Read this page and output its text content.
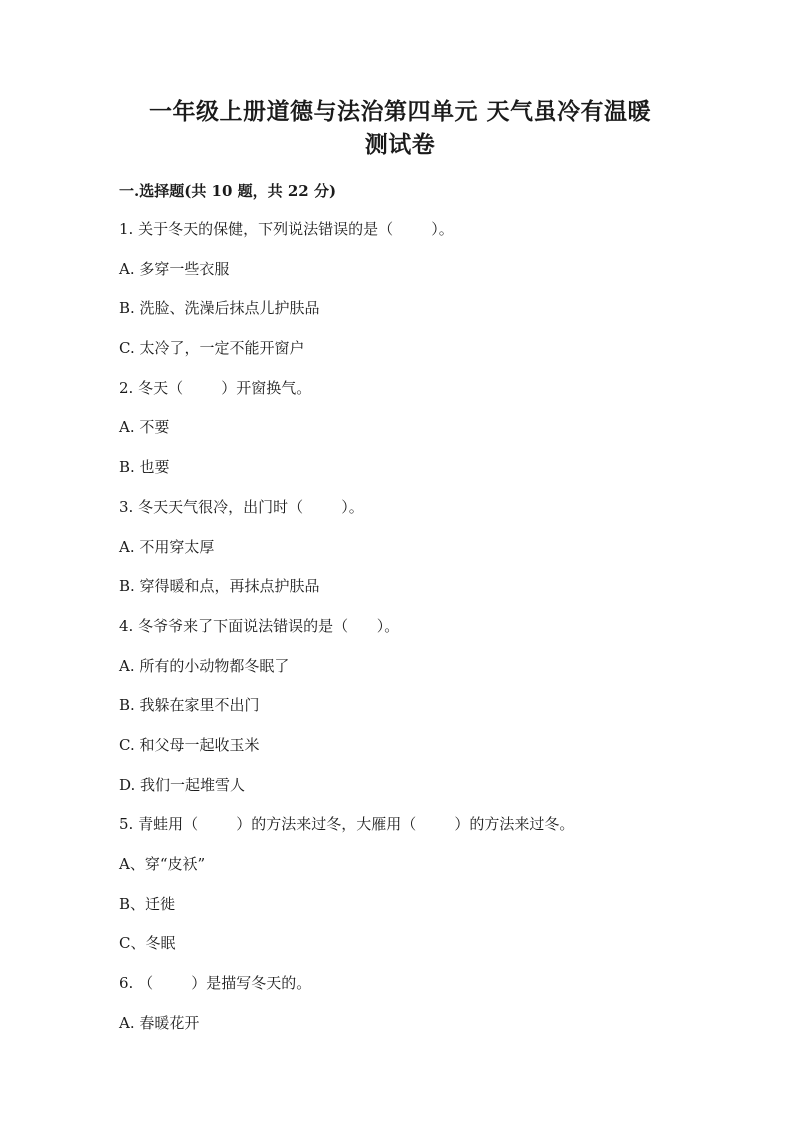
一年级上册道德与法治第四单元 天气虽冷有温暖
测试卷
一.选择题(共 10 题，共 22 分)
1. 关于冬天的保健，下列说法错误的是（        ）。
A. 多穿一些衣服
B. 洗脸、洗澡后抹点儿护肤品
C. 太冷了，一定不能开窗户
2. 冬天（        ）开窗换气。
A. 不要
B. 也要
3. 冬天天气很冷，出门时（        ）。
A. 不用穿太厚
B. 穿得暖和点，再抹点护肤品
4. 冬爷爷来了下面说法错误的是（      ）。
A. 所有的小动物都冬眠了
B. 我躲在家里不出门
C. 和父母一起收玉米
D. 我们一起堆雪人
5. 青蛙用（        ）的方法来过冬，大雁用（        ）的方法来过冬。
A、穿“皮袄”
B、迁徙
C、冬眠
6. （        ）是描写冬天的。
A. 春暖花开
